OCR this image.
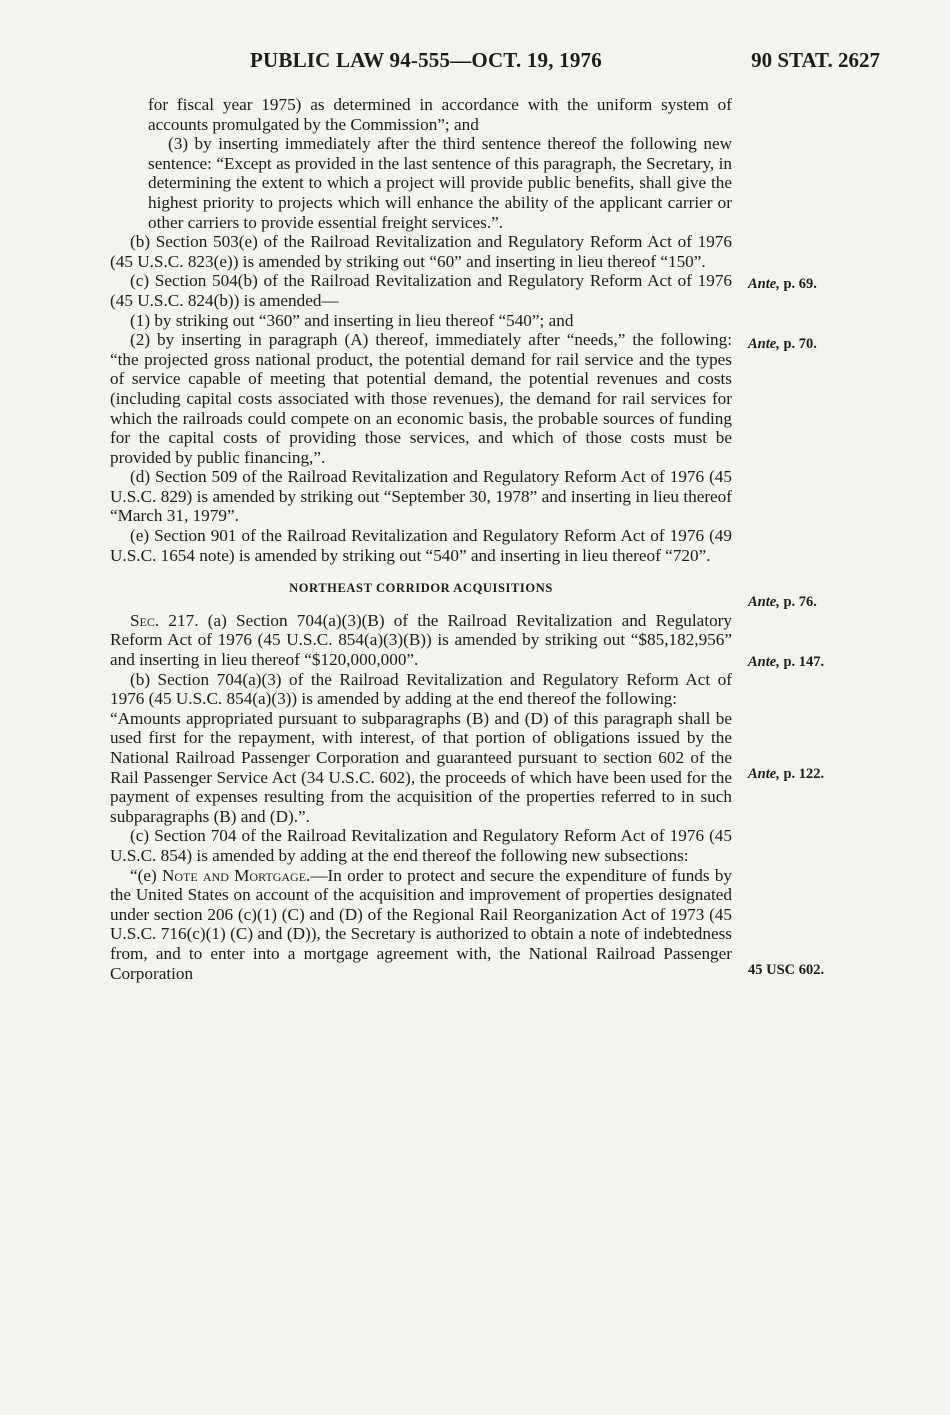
PUBLIC LAW 94-555—OCT. 19, 1976	90 STAT. 2627

for fiscal year 1975) as determined in accordance with the uniform system of accounts promulgated by the Commission”; and

(3) by inserting immediately after the third sentence thereof the following new sentence: “Except as provided in the last sentence of this paragraph, the Secretary, in determining the extent to which a project will provide public benefits, shall give the highest priority to projects which will enhance the ability of the applicant carrier or other carriers to provide essential freight services.”.

(b) Section 503(e) of the Railroad Revitalization and Regulatory Reform Act of 1976 (45 U.S.C. 823(e)) is amended by striking out “60” and inserting in lieu thereof “150”.

(c) Section 504(b) of the Railroad Revitalization and Regulatory Reform Act of 1976 (45 U.S.C. 824(b)) is amended—

(1) by striking out “360” and inserting in lieu thereof “540”; and

(2) by inserting in paragraph (A) thereof, immediately after “needs,” the following: “the projected gross national product, the potential demand for rail service and the types of service capable of meeting that potential demand, the potential revenues and costs (including capital costs associated with those revenues), the demand for rail services for which the railroads could compete on an economic basis, the probable sources of funding for the capital costs of providing those services, and which of those costs must be provided by public financing,”.

(d) Section 509 of the Railroad Revitalization and Regulatory Reform Act of 1976 (45 U.S.C. 829) is amended by striking out “September 30, 1978” and inserting in lieu thereof “March 31, 1979”.

(e) Section 901 of the Railroad Revitalization and Regulatory Reform Act of 1976 (49 U.S.C. 1654 note) is amended by striking out “540” and inserting in lieu thereof “720”.

NORTHEAST CORRIDOR ACQUISITIONS

Sec. 217. (a) Section 704(a)(3)(B) of the Railroad Revitalization and Regulatory Reform Act of 1976 (45 U.S.C. 854(a)(3)(B)) is amended by striking out “$85,182,956” and inserting in lieu thereof “$120,000,000”.

(b) Section 704(a)(3) of the Railroad Revitalization and Regulatory Reform Act of 1976 (45 U.S.C. 854(a)(3)) is amended by adding at the end thereof the following:

“Amounts appropriated pursuant to subparagraphs (B) and (D) of this paragraph shall be used first for the repayment, with interest, of that portion of obligations issued by the National Railroad Passenger Corporation and guaranteed pursuant to section 602 of the Rail Passenger Service Act (34 U.S.C. 602), the proceeds of which have been used for the payment of expenses resulting from the acquisition of the properties referred to in such subparagraphs (B) and (D).”.

(c) Section 704 of the Railroad Revitalization and Regulatory Reform Act of 1976 (45 U.S.C. 854) is amended by adding at the end thereof the following new subsections:

“(e) Note and Mortgage.—In order to protect and secure the expenditure of funds by the United States on account of the acquisition and improvement of properties designated under section 206 (c)(1) (C) and (D) of the Regional Rail Reorganization Act of 1973 (45 U.S.C. 716(c)(1) (C) and (D)), the Secretary is authorized to obtain a note of indebtedness from, and to enter into a mortgage agreement with, the National Railroad Passenger Corporation

Ante, p. 69.
Ante, p. 70.
Ante, p. 76.
Ante, p. 147.
Ante, p. 122.
45 USC 602.
